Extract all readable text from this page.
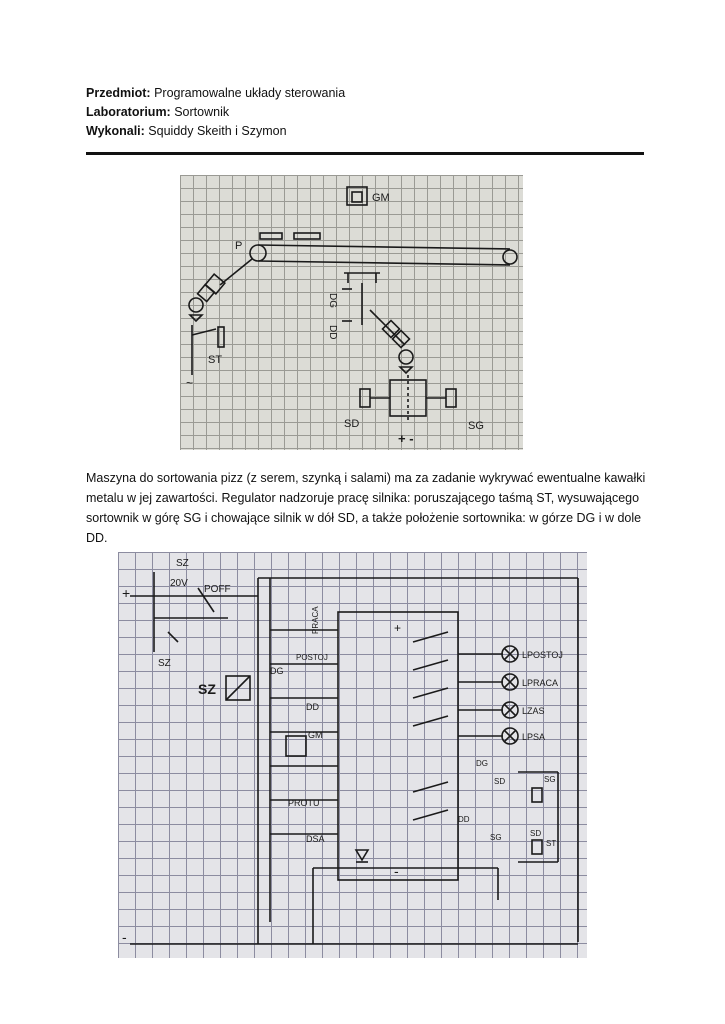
Przedmiot: Programowalne układy sterowania
Laboratorium: Sortownik
Wykonali: Squiddy Skeith i Szymon
GM
P
ST
~
DG
DD
SD	SG
+ -
Maszyna do sortowania pizz (z serem, szynką i salami) ma za zadanie wykrywać ewentualne kawałki metalu w jej zawartości. Regulator nadzoruje pracę silnika: poruszającego taśmą ST, wysuwającego sortownik w górę SG i chowające silnik w dół SD, a także położenie sortownika: w górze DG i w dole DD.
+
-
SZ
20V
POFF
SZ
SZ
PRACA
POSTOJ
DG
DD
GM
PROTU
DSA
+
-
LPOSTOJ
LPRACA
LZAS
LPSA
DG
SD	SG
DD
SG	SD
ST
